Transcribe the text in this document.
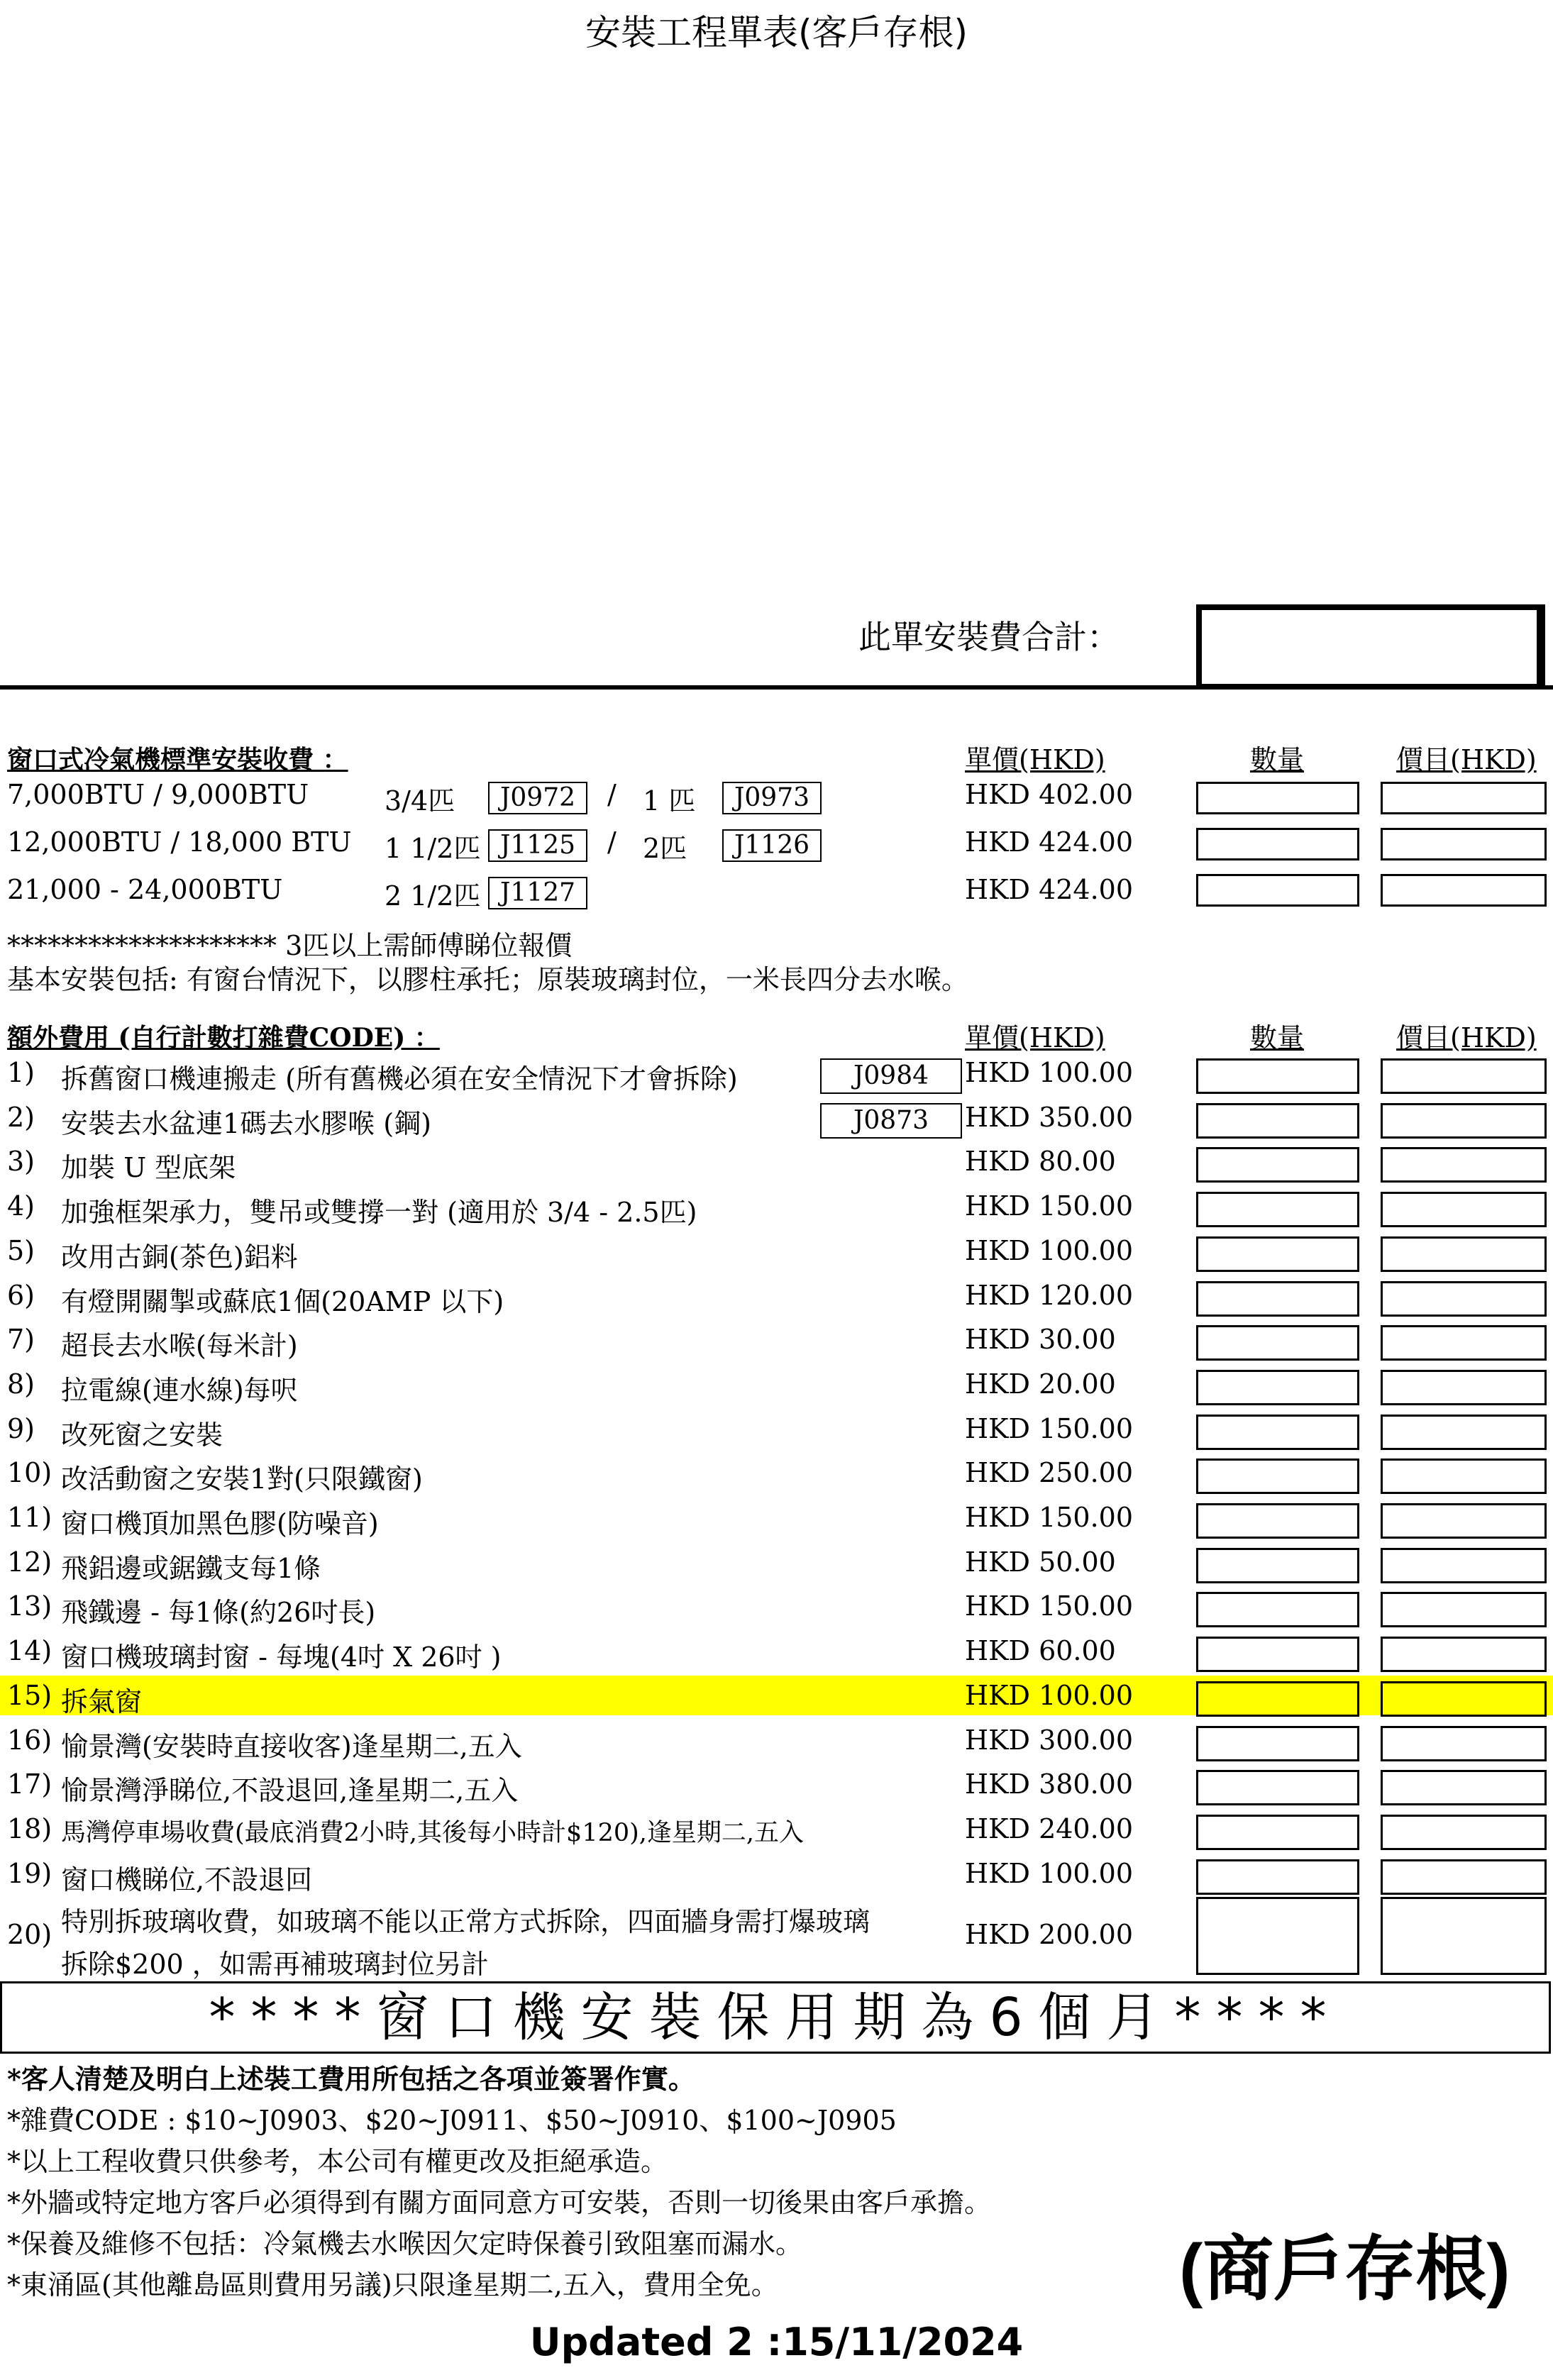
安裝工程單表(客戶存根)
此單安裝費合計：
窗口式冷氣機標準安裝收費 ：	單價(HKD)	數量	價目(HKD)
7,000BTU / 9,000BTU	3/4匹	J0972	/ 1 匹	J0973	HKD 402.00
12,000BTU / 18,000 BTU 1 1/2匹 J1125	/ 2匹	J1126	HKD 424.00
21,000 - 24,000BTU	2 1/2匹 J1127	HKD 424.00
******************** 3匹以上需師傅睇位報價
基本安裝包括: 有窗台情況下，以膠柱承托；原裝玻璃封位，一米長四分去水喉。
額外費用 (自行計數打雜費CODE) ：	單價(HKD)	數量	價目(HKD)
1) 拆舊窗口機連搬走 (所有舊機必須在安全情況下才會拆除)	J0984	HKD 100.00
2) 安裝去水盆連1碼去水膠喉 (鋼)	J0873	HKD 350.00
3) 加裝 U 型底架	HKD 80.00
4) 加強框架承力，雙吊或雙撐一對 (適用於 3/4 - 2.5匹)	HKD 150.00
5) 改用古銅(茶色)鋁料	HKD 100.00
6) 有燈開關掣或蘇底1個(20AMP 以下)	HKD 120.00
7) 超長去水喉(每米計)	HKD 30.00
8) 拉電線(連水線)每呎	HKD 20.00
9) 改死窗之安裝	HKD 150.00
10) 改活動窗之安裝1對(只限鐵窗)	HKD 250.00
11) 窗口機頂加黑色膠(防噪音)	HKD 150.00
12) 飛鋁邊或鋸鐵支每1條	HKD 50.00
13) 飛鐵邊 - 每1條(約26吋長)	HKD 150.00
14) 窗口機玻璃封窗 - 每塊(4吋 X 26吋 )	HKD 60.00
15) 拆氣窗	HKD 100.00
16) 愉景灣(安裝時直接收客)逢星期二,五入	HKD 300.00
17) 愉景灣淨睇位,不設退回,逢星期二,五入	HKD 380.00
18) 馬灣停車場收費(最底消費2小時,其後每小時計$120),逢星期二,五入	HKD 240.00
19) 窗口機睇位,不設退回	HKD 100.00
20) 特別拆玻璃收費，如玻璃不能以正常方式拆除，四面牆身需打爆玻璃
拆除$200 ，如需再補玻璃封位另計
HKD 200.00
****窗口機安裝保用期為6個月****
*客人清楚及明白上述裝工費用所包括之各項並簽署作實。
*雜費CODE : $10~J0903、$20~J0911、$50~J0910、$100~J0905
*以上工程收費只供參考，本公司有權更改及拒絕承造。
*外牆或特定地方客戶必須得到有關方面同意方可安裝，否則一切後果由客戶承擔。
*保養及維修不包括：冷氣機去水喉因欠定時保養引致阻塞而漏水。
*東涌區(其他離島區則費用另議)只限逢星期二,五入，費用全免。	(商戶存根)
Updated 2 :15/11/2024
